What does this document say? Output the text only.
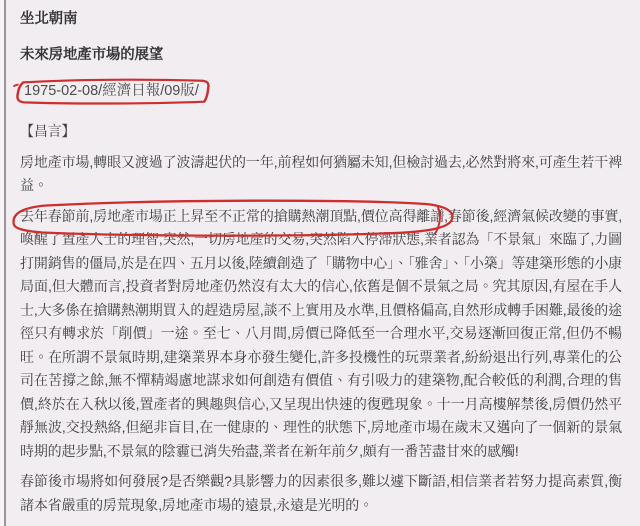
坐北朝南
未來房地產市場的展望
1975-02-08/經濟日報/09版/

【昌言】

房地產市場,轉眼又渡過了波濤起伏的一年,前程如何猶屬未知,但檢討過去,必然對將來,可產生若干裨益。

去年春節前,房地產市場正上昇至不正常的搶購熱潮頂點,價位高得離譜,春節後,經濟氣候改變的事實,喚醒了置產人士的理智,突然,一切房地產的交易,突然陷入停滯狀態,業者認為「不景氣」來臨了,力圖打開銷售的僵局,於是在四、五月以後,陸續創造了「購物中心」、「雅舍」、「小築」等建築形態的小康局面,但大體而言,投資者對房地產仍然沒有太大的信心,依舊是個不景氣之局。究其原因,有屋在手人士,大多係在搶購熱潮期買入的趕造房屋,談不上實用及水準,且價格偏高,自然形成轉手困難,最後的途徑只有轉求於「削價」一途。至七、八月間,房價已降低至一合理水平,交易逐漸回復正常,但仍不暢旺。在所謂不景氣時期,建築業界本身亦發生變化,許多投機性的玩票業者,紛紛退出行列,專業化的公司在苦撐之餘,無不憚精竭慮地謀求如何創造有價值、有引吸力的建築物,配合較低的利潤,合理的售價,終於在入秋以後,置產者的興趣與信心,又呈現出快速的復甦現象。十一月高樓解禁後,房價仍然平靜無波,交投熱絡,但絕非盲目,在一健康的、理性的狀態下,房地產市場在歲末又邁向了一個新的景氣時期的起步點,不景氣的陰霾已消失殆盡,業者在新年前夕,頗有一番苦盡甘來的感觸!

春節後市場將如何發展?是否樂觀?具影響力的因素很多,難以遽下斷語,相信業者若努力提高素質,衡諸本省嚴重的房荒現象,房地產市場的遠景,永遠是光明的。
